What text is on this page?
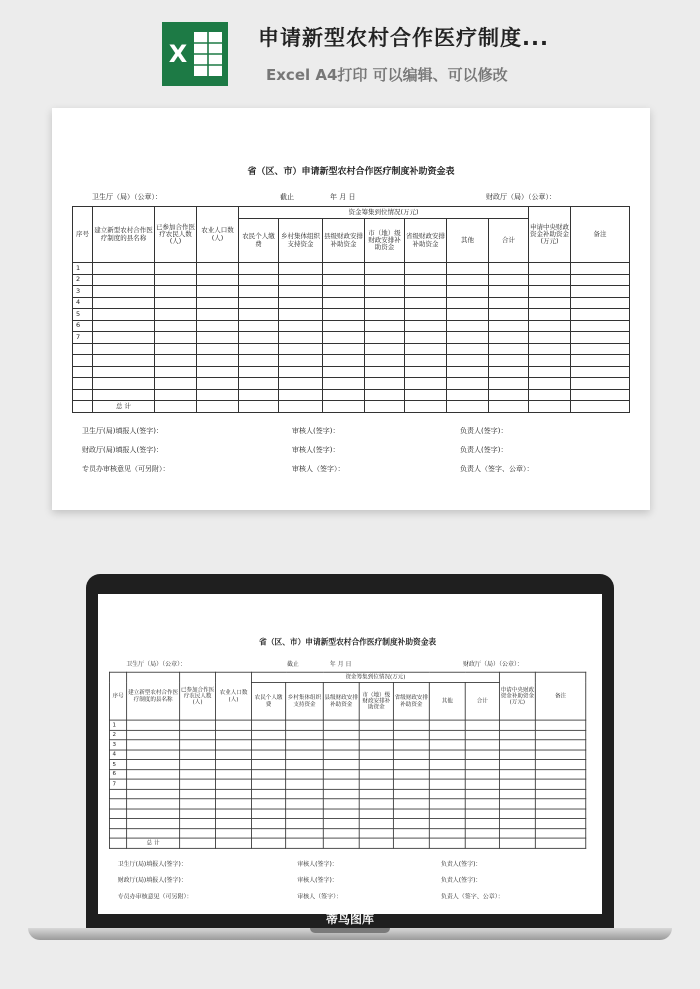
X
申请新型农村合作医疗制度...
Excel A4打印 可以编辑、可以修改
省（区、市）申请新型农村合作医疗制度补助资金表
卫生厅（局）（公章）：	截止	年 月 日	财政厅（局）（公章）：
序号	建立新型农村合作医疗制度的县名称	已参加合作医疗农民人数(人)	农业人口数(人)	资金筹集到位情况(万元)							申请中央财政资金补助资金(万元)	备注
				农民个人缴费	乡村集体组织支持资金	县级财政安排补助资金	市（地）级财政安排补助资金	省级财政安排补助资金	其他	合计		
1												
2												
3												
4												
5												
6												
7												

	总 计											
卫生厅(局)填报人(签字)：	审核人(签字)：	负责人(签字)：
财政厅(局)填报人(签字)：	审核人(签字)：	负责人(签字)：
专员办审核意见（可另附）：	审核人（签字）：	负责人（签字、公章）：
省（区、市）申请新型农村合作医疗制度补助资金表
卫生厅（局）（公章）：	截止	年 月 日	财政厅（局）（公章）：
序号	建立新型农村合作医疗制度的县名称	已参加合作医疗农民人数(人)	农业人口数(人)	资金筹集到位情况(万元)							申请中央财政资金补助资金(万元)	备注
				农民个人缴费	乡村集体组织支持资金	县级财政安排补助资金	市（地）级财政安排补助资金	省级财政安排补助资金	其他	合计		
1												
2												
3												
4												
5												
6												
7												

	总 计											
卫生厅(局)填报人(签字)：	审核人(签字)：	负责人(签字)：
财政厅(局)填报人(签字)：	审核人(签字)：	负责人(签字)：
专员办审核意见（可另附）：	审核人（签字）：	负责人（签字、公章）：
蒂鸟图库
